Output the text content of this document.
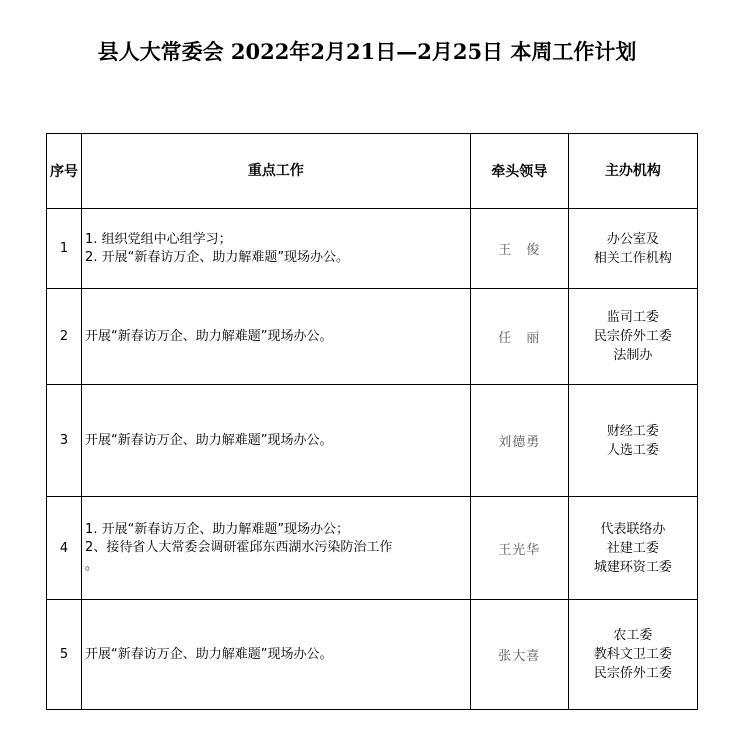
县人大常委会 2022年2月21日—2月25日 本周工作计划
序号	重点工作	牵头领导	主办机构
1	1. 组织党组中心组学习；
2. 开展“新春访万企、助力解难题”现场办公。	王　俊	办公室及
相关工作机构

2	开展“新春访万企、助力解难题”现场办公。	任　丽	监司工委
民宗侨外工委
法制办

3	开展“新春访万企、助力解难题”现场办公。	刘德勇	财经工委
人选工委

4	1. 开展“新春访万企、助力解难题”现场办公；
2、接待省人大常委会调研霍邱东西湖水污染防治工作
。	王光华	代表联络办
社建工委
城建环资工委

5	开展“新春访万企、助力解难题”现场办公。	张大喜	农工委
教科文卫工委
民宗侨外工委
